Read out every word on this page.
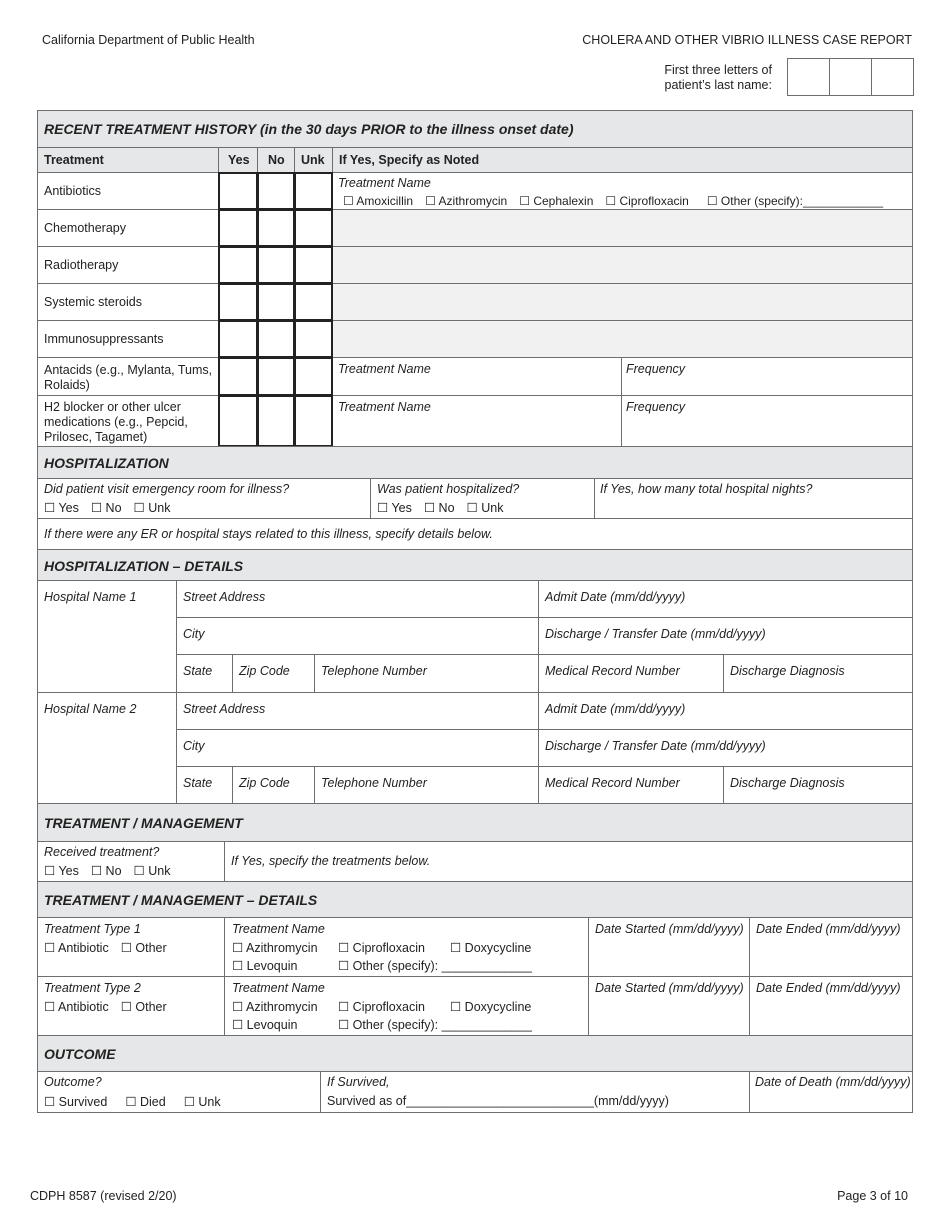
California Department of Public Health	CHOLERA AND OTHER VIBRIO ILLNESS CASE REPORT
First three letters of
patient’s last name:
RECENT TREATMENT HISTORY (in the 30 days PRIOR to the illness onset date)
Treatment	Yes No Unk If Yes, Specify as Noted
Antibiotics
Treatment Name
☐ Amoxicillin ☐ Azithromycin ☐ Cephalexin ☐ Ciprofloxacin ☐ Other (specify):____________
Chemotherapy
Radiotherapy
Systemic steroids
Immunosuppressants
Antacids (e.g., Mylanta, Tums, Rolaids)
Treatment Name	Frequency
H2 blocker or other ulcer medications (e.g., Pepcid, Prilosec, Tagamet)
Treatment Name	Frequency
HOSPITALIZATION
Did patient visit emergency room for illness?
☐ Yes ☐ No ☐ Unk
Was patient hospitalized?
☐ Yes ☐ No ☐ Unk
If Yes, how many total hospital nights?
If there were any ER or hospital stays related to this illness, specify details below.
HOSPITALIZATION – DETAILS
Hospital Name 1	Street Address	Admit Date (mm/dd/yyyy)
City	Discharge / Transfer Date (mm/dd/yyyy)
State Zip Code	Telephone Number	Medical Record Number	Discharge Diagnosis
Hospital Name 2	Street Address	Admit Date (mm/dd/yyyy)
City	Discharge / Transfer Date (mm/dd/yyyy)
State Zip Code	Telephone Number	Medical Record Number	Discharge Diagnosis
TREATMENT / MANAGEMENT
Received treatment?
☐ Yes ☐ No ☐ Unk
If Yes, specify the treatments below.
TREATMENT / MANAGEMENT – DETAILS
Treatment Type 1
☐ Antibiotic ☐ Other
Treatment Name
☐ Azithromycin ☐ Ciprofloxacin ☐ Doxycycline
☐ Levoquin	☐ Other (specify): _____________
Date Started (mm/dd/yyyy) Date Ended (mm/dd/yyyy)
Treatment Type 2
☐ Antibiotic ☐ Other
Treatment Name
☐ Azithromycin ☐ Ciprofloxacin ☐ Doxycycline
☐ Levoquin	☐ Other (specify): _____________
Date Started (mm/dd/yyyy) Date Ended (mm/dd/yyyy)
OUTCOME
Outcome?
☐ Survived ☐ Died ☐ Unk
If Survived,
Survived as of___________________________(mm/dd/yyyy)
Date of Death (mm/dd/yyyy)
CDPH 8587 (revised 2/20)	Page 3 of 10
